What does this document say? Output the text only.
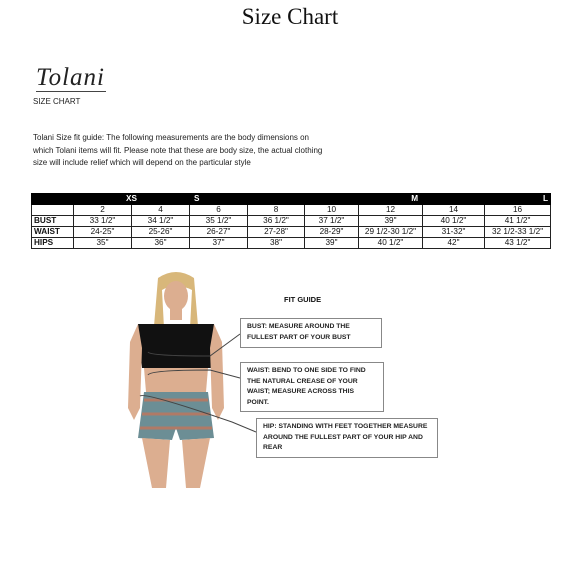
Size Chart
Tolani
SIZE CHART
Tolani Size fit guide: The following measurements are the body dimensions on which Tolani items will fit. Please note that these are body size, the actual clothing size will include relief which will depend on the particular style
	XS		S		M		L	
	2	4	6	8	10	12	14	16	
BUST	33 1/2"	34 1/2"	35 1/2"	36 1/2"	37 1/2"	39"	40 1/2"	41 1/2"	
WAIST	24-25"	25-26"	26-27"	27-28"	28-29"	29 1/2-30 1/2"	31-32"	32 1/2-33 1/2"	
HIPS	35"	36"	37"	38"	39"	40 1/2"	42"	43 1/2"	
FIT GUIDE
BUST: MEASURE AROUND THE FULLEST PART OF YOUR BUST
WAIST: BEND TO ONE SIDE TO FIND THE NATURAL CREASE OF YOUR WAIST; MEASURE ACROSS THIS POINT.
HIP: STANDING WITH FEET TOGETHER MEASURE AROUND THE FULLEST PART OF YOUR HIP AND REAR
